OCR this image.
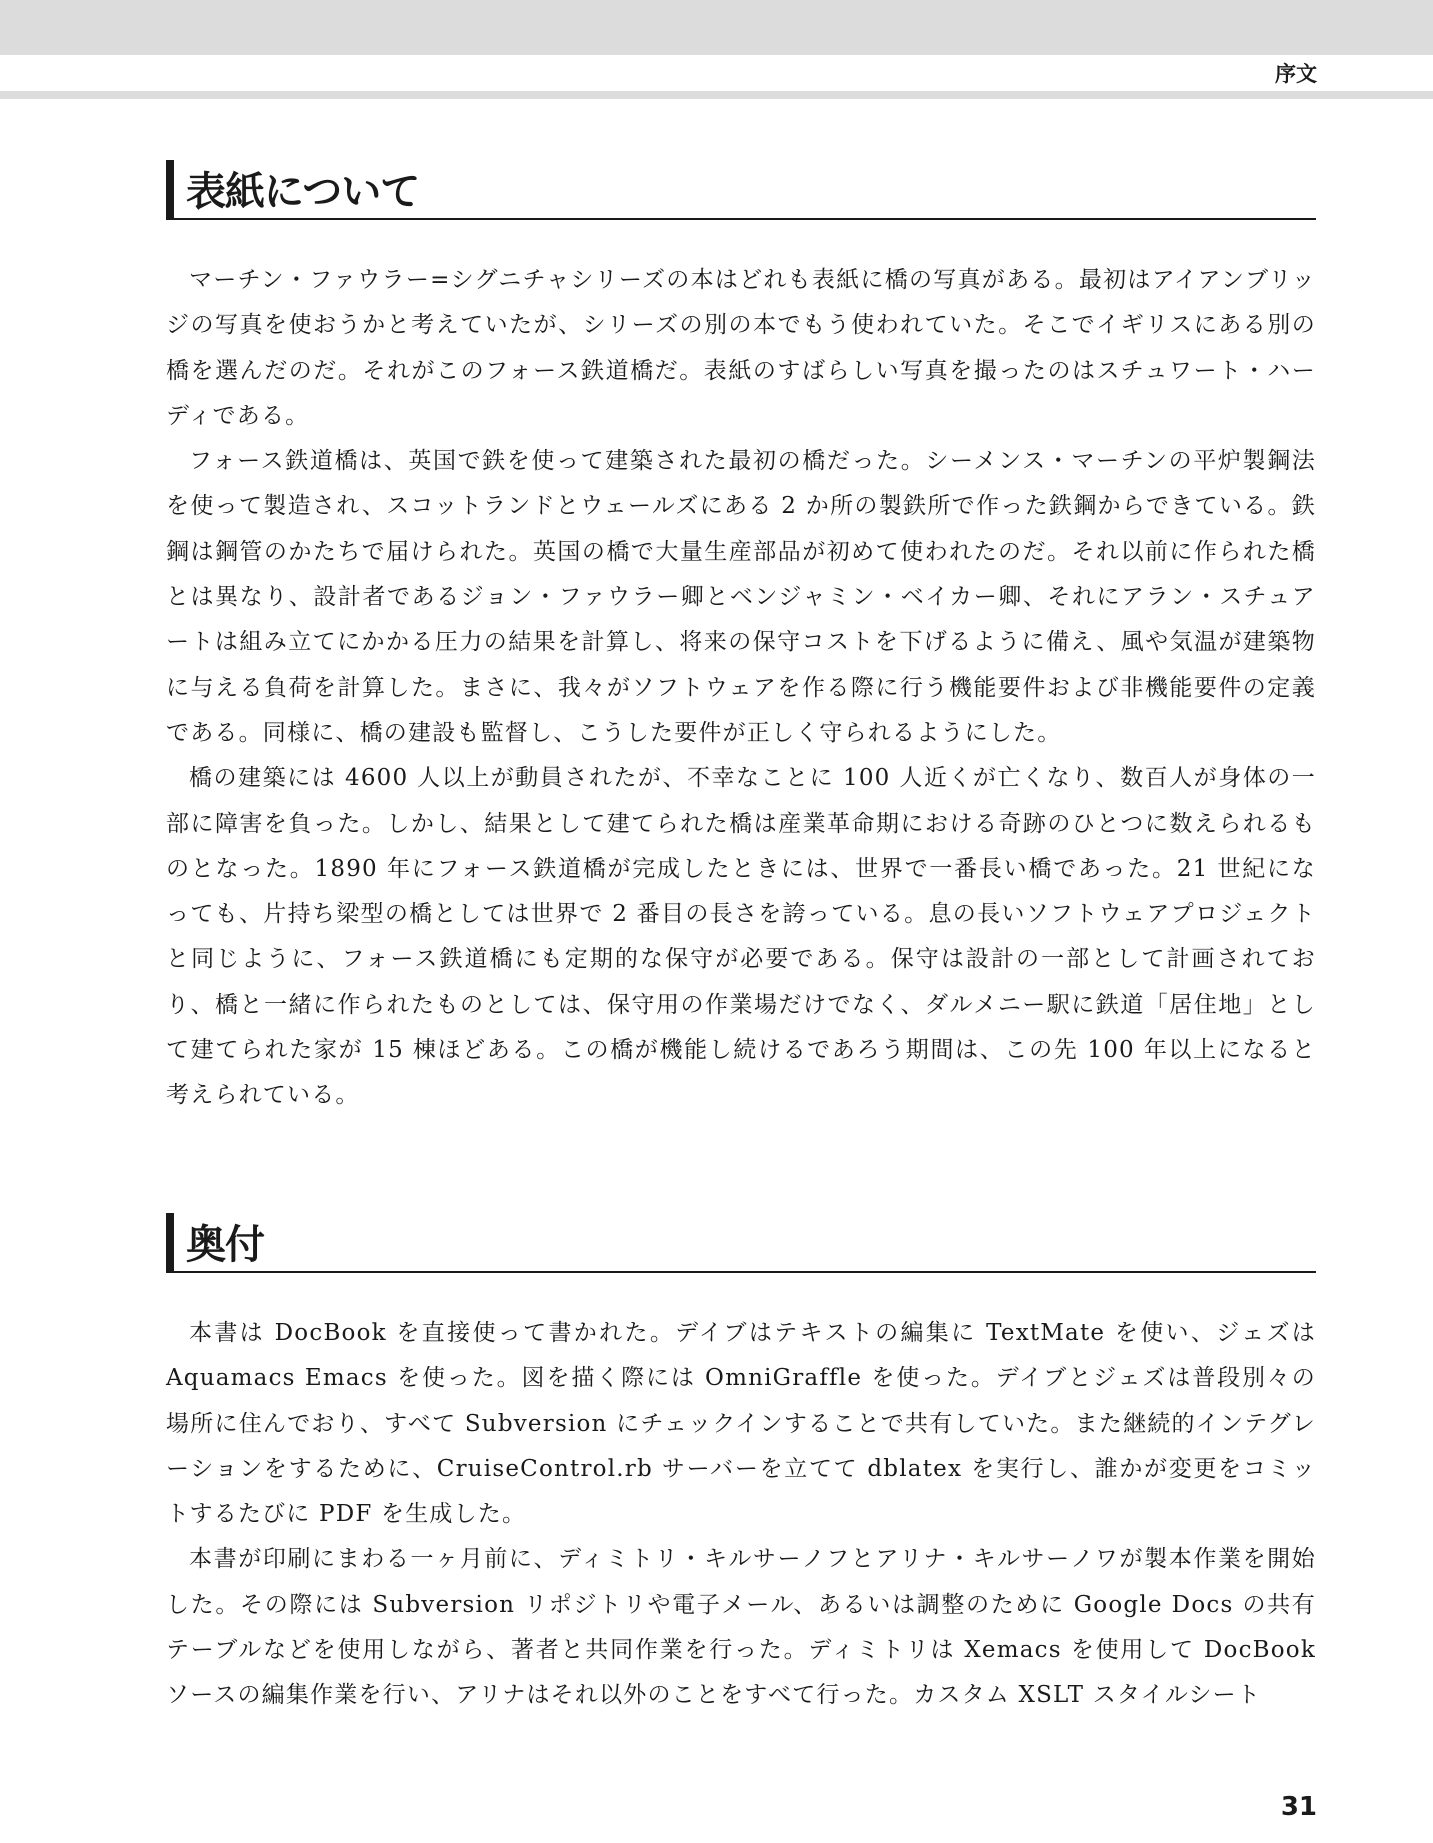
序文
表紙について

マーチン・ファウラー=シグニチャシリーズの本はどれも表紙に橋の写真がある。最初はアイアンブリッジの写真を使おうかと考えていたが、シリーズの別の本でもう使われていた。そこでイギリスにある別の橋を選んだのだ。それがこのフォース鉄道橋だ。表紙のすばらしい写真を撮ったのはスチュワート・ハーディである。

フォース鉄道橋は、英国で鉄を使って建築された最初の橋だった。シーメンス・マーチンの平炉製鋼法を使って製造され、スコットランドとウェールズにある 2 か所の製鉄所で作った鉄鋼からできている。鉄鋼は鋼管のかたちで届けられた。英国の橋で大量生産部品が初めて使われたのだ。それ以前に作られた橋とは異なり、設計者であるジョン・ファウラー卿とベンジャミン・ベイカー卿、それにアラン・スチュアートは組み立てにかかる圧力の結果を計算し、将来の保守コストを下げるように備え、風や気温が建築物に与える負荷を計算した。まさに、我々がソフトウェアを作る際に行う機能要件および非機能要件の定義である。同様に、橋の建設も監督し、こうした要件が正しく守られるようにした。

橋の建築には 4600 人以上が動員されたが、不幸なことに 100 人近くが亡くなり、数百人が身体の一部に障害を負った。しかし、結果として建てられた橋は産業革命期における奇跡のひとつに数えられるものとなった。1890 年にフォース鉄道橋が完成したときには、世界で一番長い橋であった。21 世紀になっても、片持ち梁型の橋としては世界で 2 番目の長さを誇っている。息の長いソフトウェアプロジェクトと同じように、フォース鉄道橋にも定期的な保守が必要である。保守は設計の一部として計画されており、橋と一緒に作られたものとしては、保守用の作業場だけでなく、ダルメニー駅に鉄道「居住地」として建てられた家が 15 棟ほどある。この橋が機能し続けるであろう期間は、この先 100 年以上になると考えられている。

奥付

本書は DocBook を直接使って書かれた。デイブはテキストの編集に TextMate を使い、ジェズは Aquamacs Emacs を使った。図を描く際には OmniGraffle を使った。デイブとジェズは普段別々の場所に住んでおり、すべて Subversion にチェックインすることで共有していた。また継続的インテグレーションをするために、CruiseControl.rb サーバーを立てて dblatex を実行し、誰かが変更をコミットするたびに PDF を生成した。

本書が印刷にまわる一ヶ月前に、ディミトリ・キルサーノフとアリナ・キルサーノワが製本作業を開始した。その際には Subversion リポジトリや電子メール、あるいは調整のために Google Docs の共有テーブルなどを使用しながら、著者と共同作業を行った。ディミトリは Xemacs を使用して DocBook ソースの編集作業を行い、アリナはそれ以外のことをすべて行った。カスタム XSLT スタイルシート

31
